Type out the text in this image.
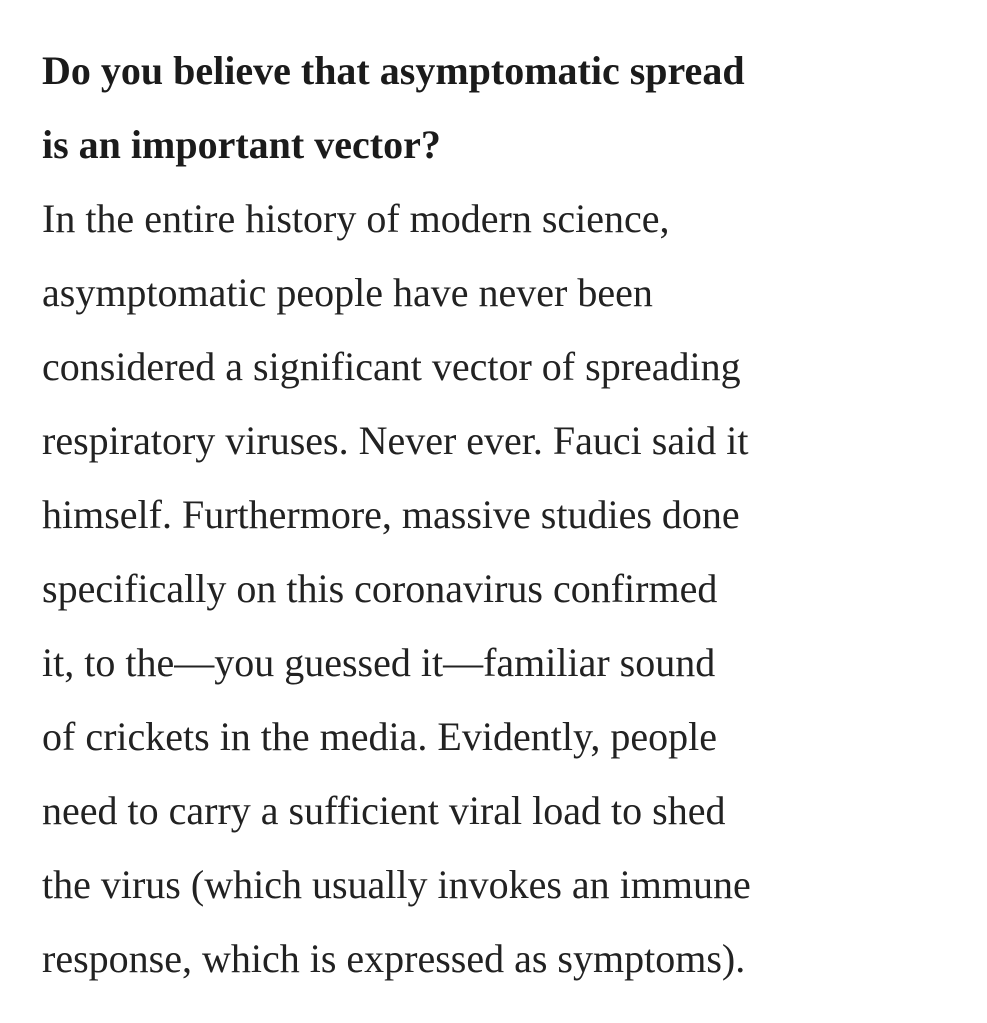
Do you believe that asymptomatic spread
is an important vector?

In the entire history of modern science,
asymptomatic people have never been
considered a significant vector of spreading
respiratory viruses. Never ever. Fauci said it
himself. Furthermore, massive studies done
specifically on this coronavirus confirmed
it, to the—you guessed it—familiar sound
of crickets in the media. Evidently, people
need to carry a sufficient viral load to shed
the virus (which usually invokes an immune
response, which is expressed as symptoms).
